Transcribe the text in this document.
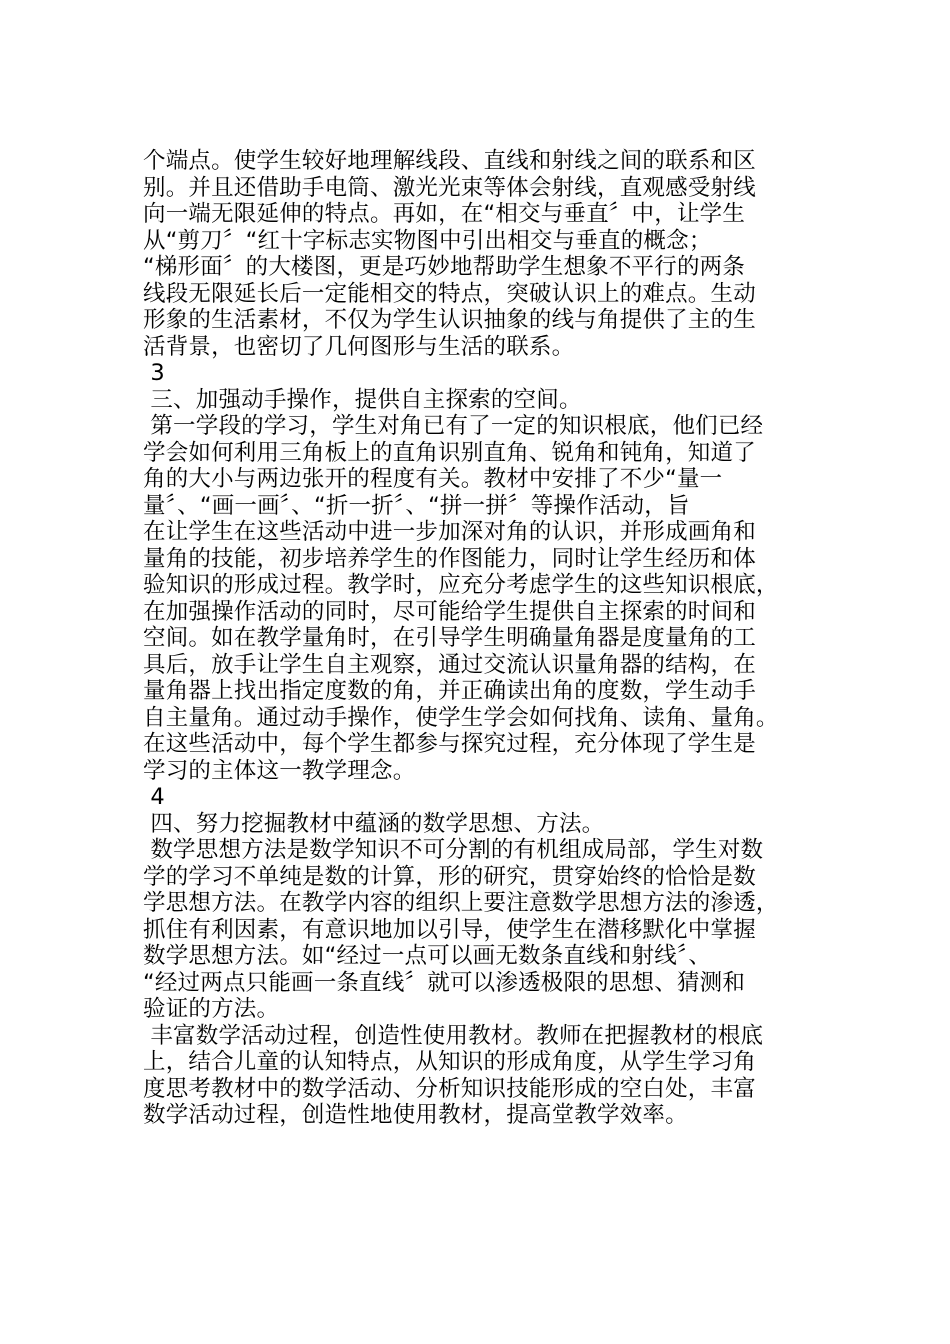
个端点。使学生较好地理解线段、直线和射线之间的联系和区
别。并且还借助手电筒、激光光束等体会射线，直观感受射线
向一端无限延伸的特点。再如，在“相交与垂直〞中，让学生
从“剪刀〞“红十字标志实物图中引出相交与垂直的概念；
“梯形面〞的大楼图，更是巧妙地帮助学生想象不平行的两条
线段无限延长后一定能相交的特点，突破认识上的难点。生动
形象的生活素材，不仅为学生认识抽象的线与角提供了主的生
活背景，也密切了几何图形与生活的联系。
3
三、加强动手操作，提供自主探索的空间。
第一学段的学习，学生对角已有了一定的知识根底，他们已经
学会如何利用三角板上的直角识别直角、锐角和钝角，知道了
角的大小与两边张开的程度有关。教材中安排了不少“量一
量〞、“画一画〞、“折一折〞、“拼一拼〞等操作活动，旨
在让学生在这些活动中进一步加深对角的认识，并形成画角和
量角的技能，初步培养学生的作图能力，同时让学生经历和体
验知识的形成过程。教学时，应充分考虑学生的这些知识根底，
在加强操作活动的同时，尽可能给学生提供自主探索的时间和
空间。如在教学量角时，在引导学生明确量角器是度量角的工
具后，放手让学生自主观察，通过交流认识量角器的结构，在
量角器上找出指定度数的角，并正确读出角的度数，学生动手
自主量角。通过动手操作，使学生学会如何找角、读角、量角。
在这些活动中，每个学生都参与探究过程，充分体现了学生是
学习的主体这一教学理念。
4
四、努力挖掘教材中蕴涵的数学思想、方法。
数学思想方法是数学知识不可分割的有机组成局部，学生对数
学的学习不单纯是数的计算，形的研究，贯穿始终的恰恰是数
学思想方法。在教学内容的组织上要注意数学思想方法的渗透，
抓住有利因素，有意识地加以引导，使学生在潜移默化中掌握
数学思想方法。如“经过一点可以画无数条直线和射线〞、
“经过两点只能画一条直线〞就可以渗透极限的思想、猜测和
验证的方法。
丰富数学活动过程，创造性使用教材。教师在把握教材的根底
上，结合儿童的认知特点，从知识的形成角度，从学生学习角
度思考教材中的数学活动、分析知识技能形成的空白处，丰富
数学活动过程，创造性地使用教材，提高堂教学效率。
